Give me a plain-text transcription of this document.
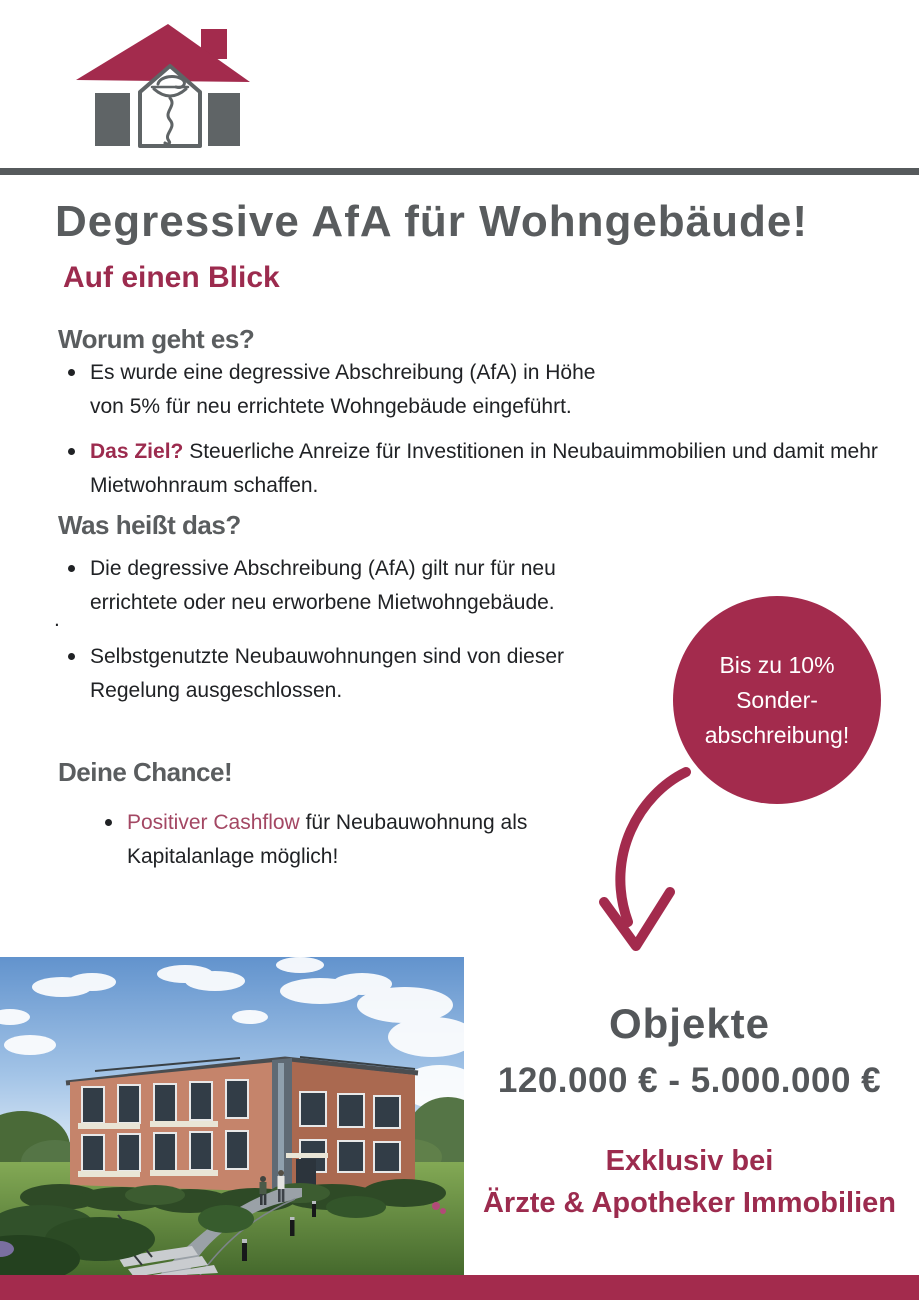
Degressive AfA für Wohngebäude!
Auf einen Blick
Worum geht es?
Es wurde eine degressive Abschreibung (AfA) in Höhe
von 5% für neu errichtete Wohngebäude eingeführt.
Das Ziel? Steuerliche Anreize für Investitionen in Neubauimmobilien und damit mehr
Mietwohnraum schaffen.
Was heißt das?
Die degressive Abschreibung (AfA) gilt nur für neu
errichtete oder neu erworbene Mietwohngebäude.
.
Selbstgenutzte Neubauwohnungen sind von dieser
Regelung ausgeschlossen.
Bis zu 10%
Sonder-
abschreibung!
Deine Chance!
Positiver Cashflow für Neubauwohnung als
Kapitalanlage möglich!
Objekte
120.000 € - 5.000.000 €
Exklusiv bei
Ärzte & Apotheker Immobilien
